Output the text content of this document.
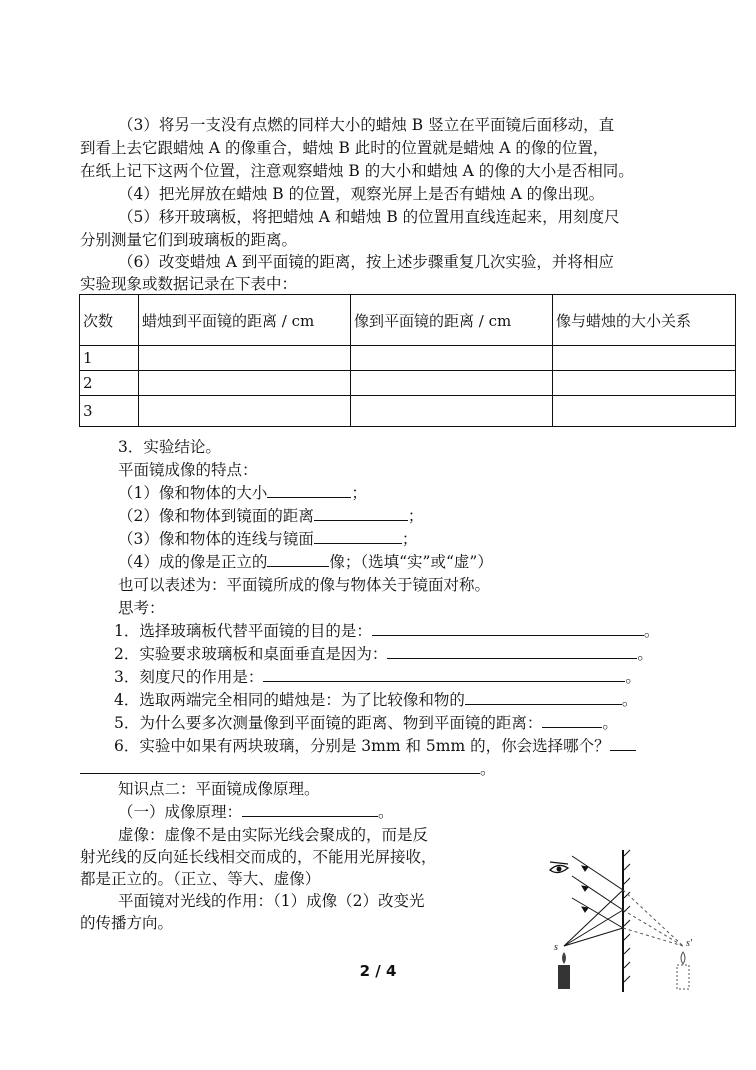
（3）将另一支没有点燃的同样大小的蜡烛 B 竖立在平面镜后面移动，直
到看上去它跟蜡烛 A 的像重合，蜡烛 B 此时的位置就是蜡烛 A 的像的位置，
在纸上记下这两个位置，注意观察蜡烛 B 的大小和蜡烛 A 的像的大小是否相同。
（4）把光屏放在蜡烛 B 的位置，观察光屏上是否有蜡烛 A 的像出现。
（5）移开玻璃板，将把蜡烛 A 和蜡烛 B 的位置用直线连起来，用刻度尺
分别测量它们到玻璃板的距离。
（6）改变蜡烛 A 到平面镜的距离，按上述步骤重复几次实验，并将相应
实验现象或数据记录在下表中：
次数	蜡烛到平面镜的距离 / cm	像到平面镜的距离 / cm	像与蜡烛的大小关系
1			
2			
3			
3．实验结论。
平面镜成像的特点：
（1）像和物体的大小	；
（2）像和物体到镜面的距离	；
（3）像和物体的连线与镜面	；
（4）成的像是正立的	像；（选填“实”或“虚”）
也可以表述为：平面镜所成的像与物体关于镜面对称。
思考：
1．选择玻璃板代替平面镜的目的是：	。
2．实验要求玻璃板和桌面垂直是因为：	。
3．刻度尺的作用是：	。
4．选取两端完全相同的蜡烛是：为了比较像和物的	。
5．为什么要多次测量像到平面镜的距离、物到平面镜的距离：	。
6．实验中如果有两块玻璃，分别是 3mm 和 5mm 的，你会选择哪个？
。
知识点二：平面镜成像原理。
（一）成像原理：	。
虚像：虚像不是由实际光线会聚成的，而是反
射光线的反向延长线相交而成的，不能用光屏接收，
都是正立的。（正立、等大、虚像）
平面镜对光线的作用：（1）成像（2）改变光
的传播方向。
s	s'
2 / 4
